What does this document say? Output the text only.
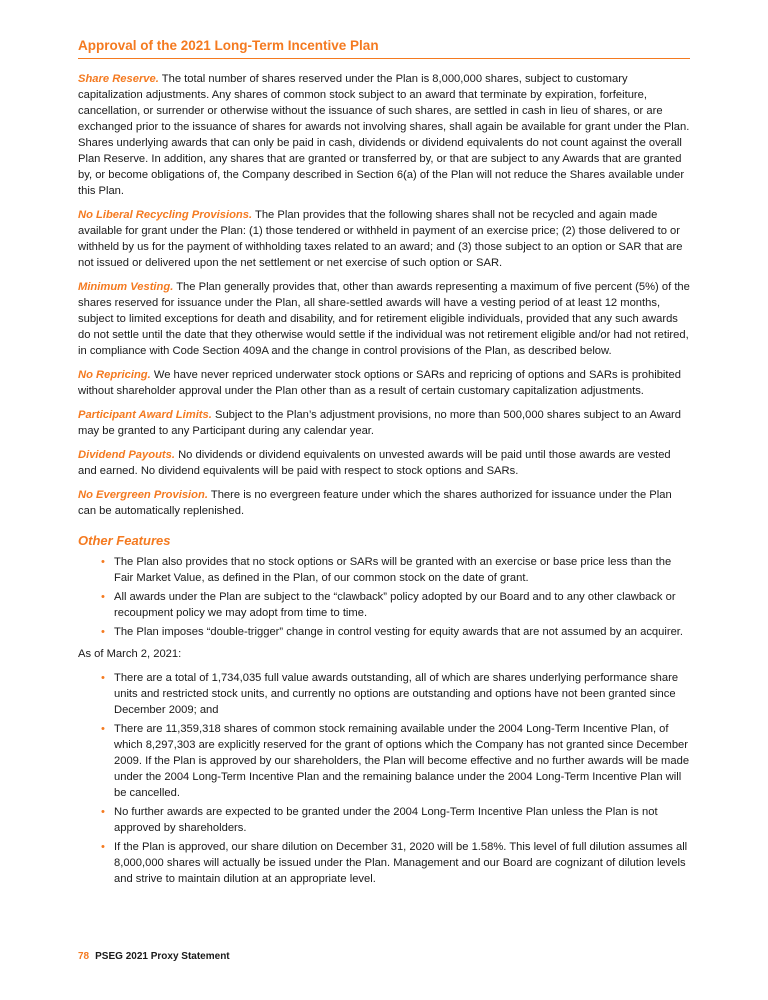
Approval of the 2021 Long-Term Incentive Plan

Share Reserve. The total number of shares reserved under the Plan is 8,000,000 shares, subject to customary capitalization adjustments. Any shares of common stock subject to an award that terminate by expiration, forfeiture, cancellation, or surrender or otherwise without the issuance of such shares, are settled in cash in lieu of shares, or are exchanged prior to the issuance of shares for awards not involving shares, shall again be available for grant under the Plan. Shares underlying awards that can only be paid in cash, dividends or dividend equivalents do not count against the overall Plan Reserve. In addition, any shares that are granted or transferred by, or that are subject to any Awards that are granted by, or become obligations of, the Company described in Section 6(a) of the Plan will not reduce the Shares available under this Plan.

No Liberal Recycling Provisions. The Plan provides that the following shares shall not be recycled and again made available for grant under the Plan: (1) those tendered or withheld in payment of an exercise price; (2) those delivered to or withheld by us for the payment of withholding taxes related to an award; and (3) those subject to an option or SAR that are not issued or delivered upon the net settlement or net exercise of such option or SAR.

Minimum Vesting. The Plan generally provides that, other than awards representing a maximum of five percent (5%) of the shares reserved for issuance under the Plan, all share-settled awards will have a vesting period of at least 12 months, subject to limited exceptions for death and disability, and for retirement eligible individuals, provided that any such awards do not settle until the date that they otherwise would settle if the individual was not retirement eligible and/or had not retired, in compliance with Code Section 409A and the change in control provisions of the Plan, as described below.

No Repricing. We have never repriced underwater stock options or SARs and repricing of options and SARs is prohibited without shareholder approval under the Plan other than as a result of certain customary capitalization adjustments.

Participant Award Limits. Subject to the Plan’s adjustment provisions, no more than 500,000 shares subject to an Award may be granted to any Participant during any calendar year.

Dividend Payouts. No dividends or dividend equivalents on unvested awards will be paid until those awards are vested and earned. No dividend equivalents will be paid with respect to stock options and SARs.

No Evergreen Provision. There is no evergreen feature under which the shares authorized for issuance under the Plan can be automatically replenished.

Other Features
• The Plan also provides that no stock options or SARs will be granted with an exercise or base price less than the Fair Market Value, as defined in the Plan, of our common stock on the date of grant.
• All awards under the Plan are subject to the “clawback” policy adopted by our Board and to any other clawback or recoupment policy we may adopt from time to time.
• The Plan imposes “double-trigger” change in control vesting for equity awards that are not assumed by an acquirer.

As of March 2, 2021:

• There are a total of 1,734,035 full value awards outstanding, all of which are shares underlying performance share units and restricted stock units, and currently no options are outstanding and options have not been granted since December 2009; and
• There are 11,359,318 shares of common stock remaining available under the 2004 Long-Term Incentive Plan, of which 8,297,303 are explicitly reserved for the grant of options which the Company has not granted since December 2009. If the Plan is approved by our shareholders, the Plan will become effective and no further awards will be made under the 2004 Long-Term Incentive Plan and the remaining balance under the 2004 Long-Term Incentive Plan will be cancelled.
• No further awards are expected to be granted under the 2004 Long-Term Incentive Plan unless the Plan is not approved by shareholders.
• If the Plan is approved, our share dilution on December 31, 2020 will be 1.58%. This level of full dilution assumes all 8,000,000 shares will actually be issued under the Plan. Management and our Board are cognizant of dilution levels and strive to maintain dilution at an appropriate level.
78 PSEG 2021 Proxy Statement
